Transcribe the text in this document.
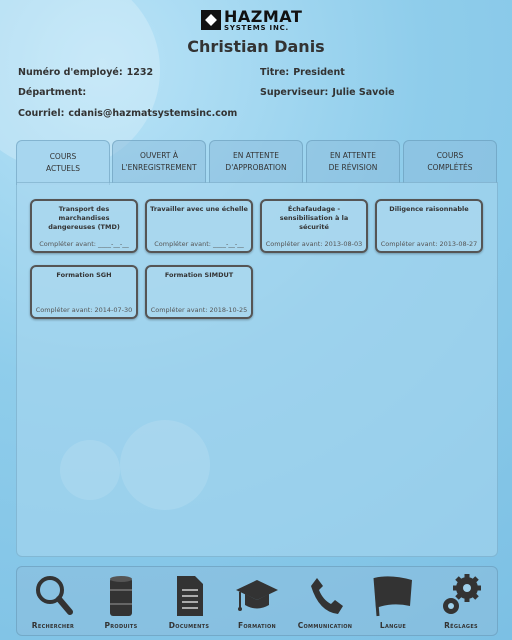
HAZMAT
SYSTEMS INC.
Christian Danis
Numéro d'employé: 1232	Titre: President
Départment:	Superviseur: Julie Savoie
Courriel: cdanis@hazmatsystemsinc.com
COURS
ACTUELS
OUVERT À
L'ENREGISTREMENT
EN ATTENTE
D'APPROBATION
EN ATTENTE
DE RÉVISION
COURS
COMPLÉTÉS
Transport des marchandises dangereuses (TMD)
Compléter avant: ____-__-__
Travailler avec une échelle
Compléter avant: ____-__-__
Échafaudage - sensibilisation à la sécurité
Compléter avant: 2013-08-03
Diligence raisonnable
Compléter avant: 2013-08-27
Formation SGH
Compléter avant: 2014-07-30
Formation SIMDUT
Compléter avant: 2018-10-25
Rechercher	Produits	Documents	Formation	Communication	Langue	Réglages
